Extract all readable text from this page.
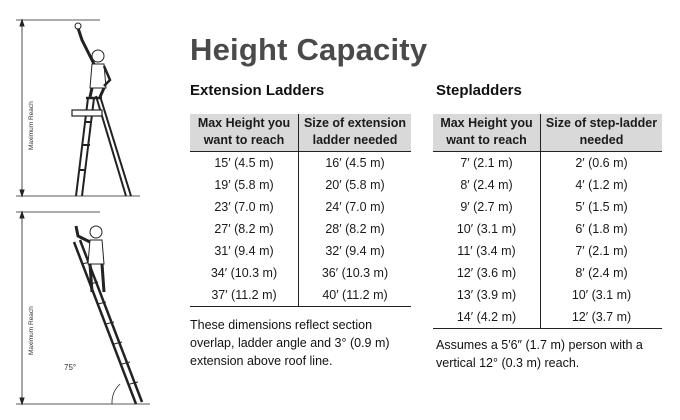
Maximum Reach
Maximum Reach
75°
Height Capacity
Extension Ladders
Max Height you want to reach	Size of extension ladder needed
15′ (4.5 m)	16′ (4.5 m)
19′ (5.8 m)	20′ (5.8 m)
23′ (7.0 m)	24′ (7.0 m)
27′ (8.2 m)	28′ (8.2 m)
31′ (9.4 m)	32′ (9.4 m)
34′ (10.3 m)	36′ (10.3 m)
37′ (11.2 m)	40′ (11.2 m)
These dimensions reflect section overlap, ladder angle and 3° (0.9 m) extension above roof line.
Stepladders
Max Height you want to reach	Size of step-ladder needed
7′ (2.1 m)	2′ (0.6 m)
8′ (2.4 m)	4′ (1.2 m)
9′ (2.7 m)	5′ (1.5 m)
10′ (3.1 m)	6′ (1.8 m)
11′ (3.4 m)	7′ (2.1 m)
12′ (3.6 m)	8′ (2.4 m)
13′ (3.9 m)	10′ (3.1 m)
14′ (4.2 m)	12′ (3.7 m)
Assumes a 5′6″ (1.7 m) person with a vertical 12° (0.3 m) reach.
